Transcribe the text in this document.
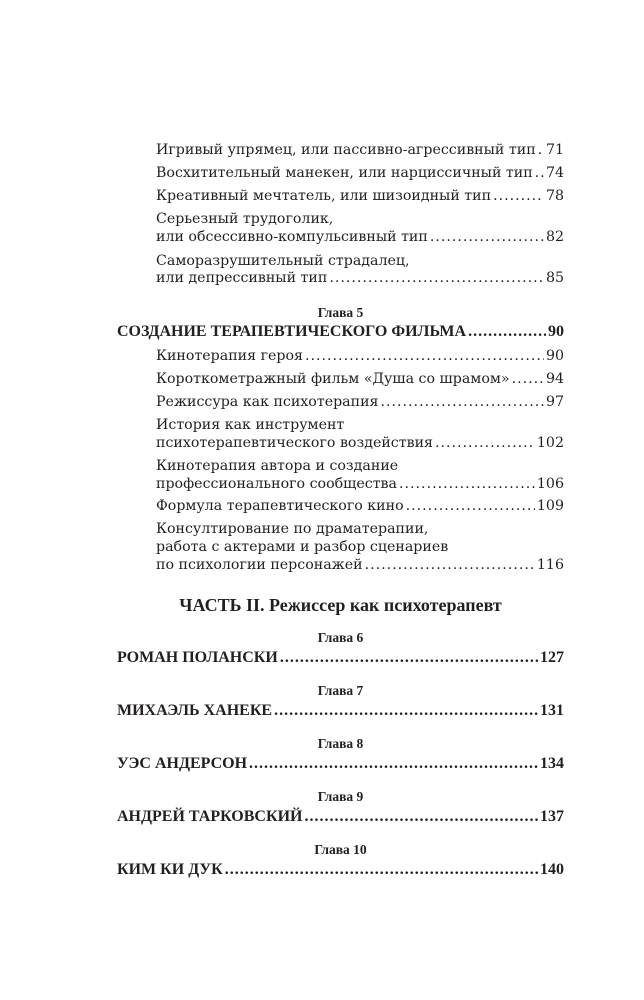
Игривый упрямец, или пассивно-агрессивный тип ..... 71
Восхитительный манекен, или нарциссичный тип ..... 74
Креативный мечтатель, или шизоидный тип .....	78
Серьезный трудоголик,
или обсессивно-компульсивный тип .....	82
Саморазрушительный страдалец,
или депрессивный тип .....	85
Глава 5
СОЗДАНИЕ ТЕРАПЕВТИЧЕСКОГО ФИЛЬМА .....	90
Кинотерапия героя .....	90
Короткометражный фильм «Душа со шрамом» .....	94
Режиссура как психотерапия .....	97
История как инструмент
психотерапевтического воздействия .....	102
Кинотерапия автора и создание
профессионального сообщества .....	106
Формула терапевтического кино .....	109
Консултирование по драматерапии,
работа с актерами и разбор сценариев
по психологии персонажей .....	116
ЧАСТЬ II. Режиссер как психотерапевт
Глава 6
РОМАН ПОЛАНСКИ .....	127
Глава 7
МИХАЭЛЬ ХАНЕКЕ .....	131
Глава 8
УЭС АНДЕРСОН .....	134
Глава 9
АНДРЕЙ ТАРКОВСКИЙ .....	137
Глава 10
КИМ КИ ДУК .....	140
